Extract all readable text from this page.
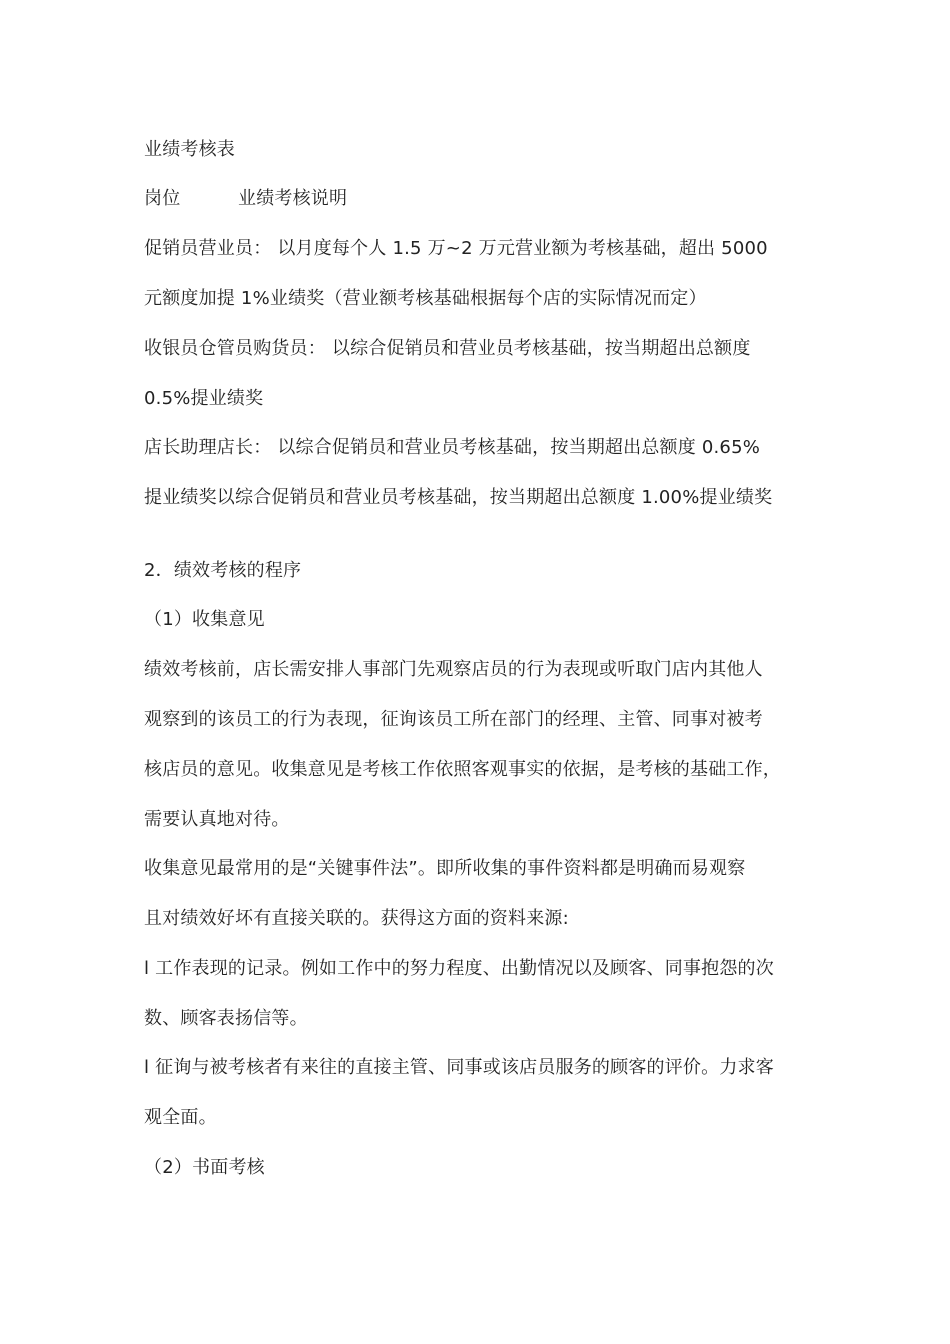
业绩考核表
岗位	业绩考核说明
促销员营业员： 以月度每个人 1.5 万~2 万元营业额为考核基础，超出 5000
元额度加提 1%业绩奖（营业额考核基础根据每个店的实际情况而定）
收银员仓管员购货员： 以综合促销员和营业员考核基础，按当期超出总额度
0.5%提业绩奖
店长助理店长： 以综合促销员和营业员考核基础，按当期超出总额度 0.65%
提业绩奖以综合促销员和营业员考核基础，按当期超出总额度 1.00%提业绩奖
2．绩效考核的程序
（1）收集意见
绩效考核前，店长需安排人事部门先观察店员的行为表现或听取门店内其他人
观察到的该员工的行为表现，征询该员工所在部门的经理、主管、同事对被考
核店员的意见。收集意见是考核工作依照客观事实的依据，是考核的基础工作，
需要认真地对待。
收集意见最常用的是“关键事件法”。即所收集的事件资料都是明确而易观察
且对绩效好坏有直接关联的。获得这方面的资料来源:
l 工作表现的记录。例如工作中的努力程度、出勤情况以及顾客、同事抱怨的次
数、顾客表扬信等。
l 征询与被考核者有来往的直接主管、同事或该店员服务的顾客的评价。力求客
观全面。
（2）书面考核
